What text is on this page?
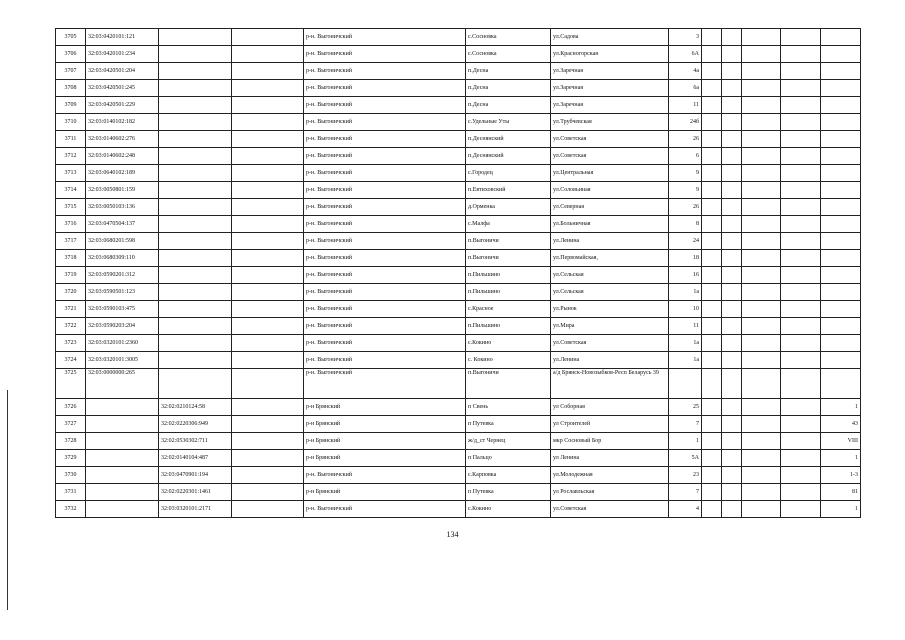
3705	32:03:0420101:121			р-н. Выгоничский	с.Сосновка	ул.Садова	3					
3706	32:03:0420101:234			р-н. Выгоничский	с.Сосновка	ул.Красногорская	6А					
3707	32:03:0420501:204			р-н. Выгоничский	п.Десна	ул.Заречная	4а					
3708	32:03:0420501:245			р-н. Выгоничский	п.Десна	ул.Заречная	6а					
3709	32:03:0420501:229			р-н. Выгоничский	п.Десна	ул.Заречная	11					
3710	32:03:0140102:182			р-н. Выгоничский	с.Удельные Уты	ул.Трубчевская	24б					
3711	32:03:0140602:276			р-н. Выгоничский	п.Деснянский	ул.Советская	26					
3712	32:03:0140602:248			р-н. Выгоничский	п.Деснянский	ул.Советская	6					
3713	32:03:0640102:189			р-н. Выгоничский	с.Городец	ул.Центральная	9					
3714	32:03:0050801:159			р-н. Выгоничский	п.Евтиховский	ул.Соловьиная	9					
3715	32:03:0050103:136			р-н. Выгоничский	д.Орменка	ул.Северная	26					
3716	32:03:0470504:137			р-н. Выгоничский	с.Малфа	ул.Больничная	8					
3717	32:03:0680201:598			р-н. Выгоничский	п.Выгоничи	ул.Ленина	24					
3718	32:03:0680309:110			р-н. Выгоничский	п.Выгоничи	ул.Первомайская,	18					
3719	32:03:0590201:312			р-н. Выгоничский	п.Пильшино	ул.Сельская	16					
3720	32:03:0590501:123			р-н. Выгоничский	п.Пильшино	ул.Сельская	1а					
3721	32:03:0590103:475			р-н. Выгоничский	с.Красное	ул.Рынок	10					
3722	32:03:0590203:204			р-н. Выгоничский	п.Пильшино	ул.Мира	11					
3723	32:03:0320101:2360			р-н. Выгоничский	с.Кокино	ул.Советская	1а					
3724	32:03:0320101:3005			р-н. Выгоничский	с. Кокино	ул.Ленина	1а					
3725	32:03:0000000:265			р-н. Выгоничский	п.Выгоничи	а/д Брянск-Новозыбков-Респ Беларусь 39						
3726		32:02:0210124:58		р-н Брянский	п Свень	ул Соборная	25					1
3727		32:02:0220306:949		р-н Брянский	п Путевка	ул Строителей	7					43
3728		32:02:0530302:711		р-н Брянский	ж/д_ст Чернец	мкр Сосновый Бор	1					VIII
3729		32:02:0140104:487		р-н Брянский	п Пальцо	ул Ленина	5А					1
3730		32:03:0470901:194		р-н. Выгоничский	с.Карповка	ул.Молодежная	23					1-3
3731		32:02:0220301:1461		р-н Брянский	п Путевка	ул Рославльская	7					81
3732		32:03:0320101:2171		р-н. Выгоничский	с.Кокино	ул.Советская	4					1
134
